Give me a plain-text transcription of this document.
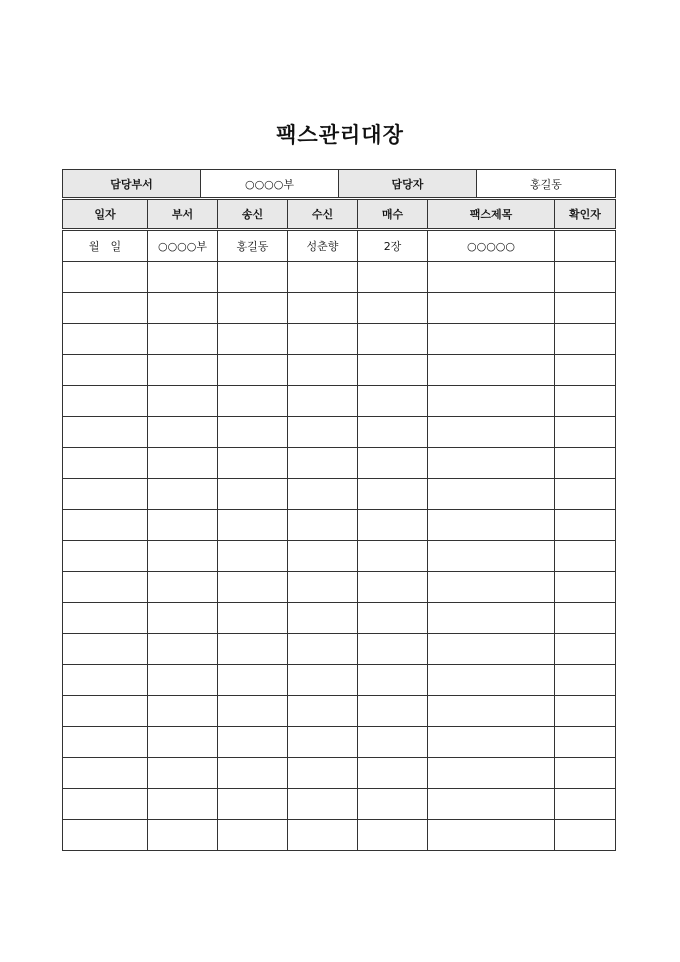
팩스관리대장
담당부서	○○○○부	담당자	홍길동
일자	부서	송신	수신	매수	팩스제목	확인자
월　일	○○○○부	홍길동	성춘향	2장	○○○○○	
